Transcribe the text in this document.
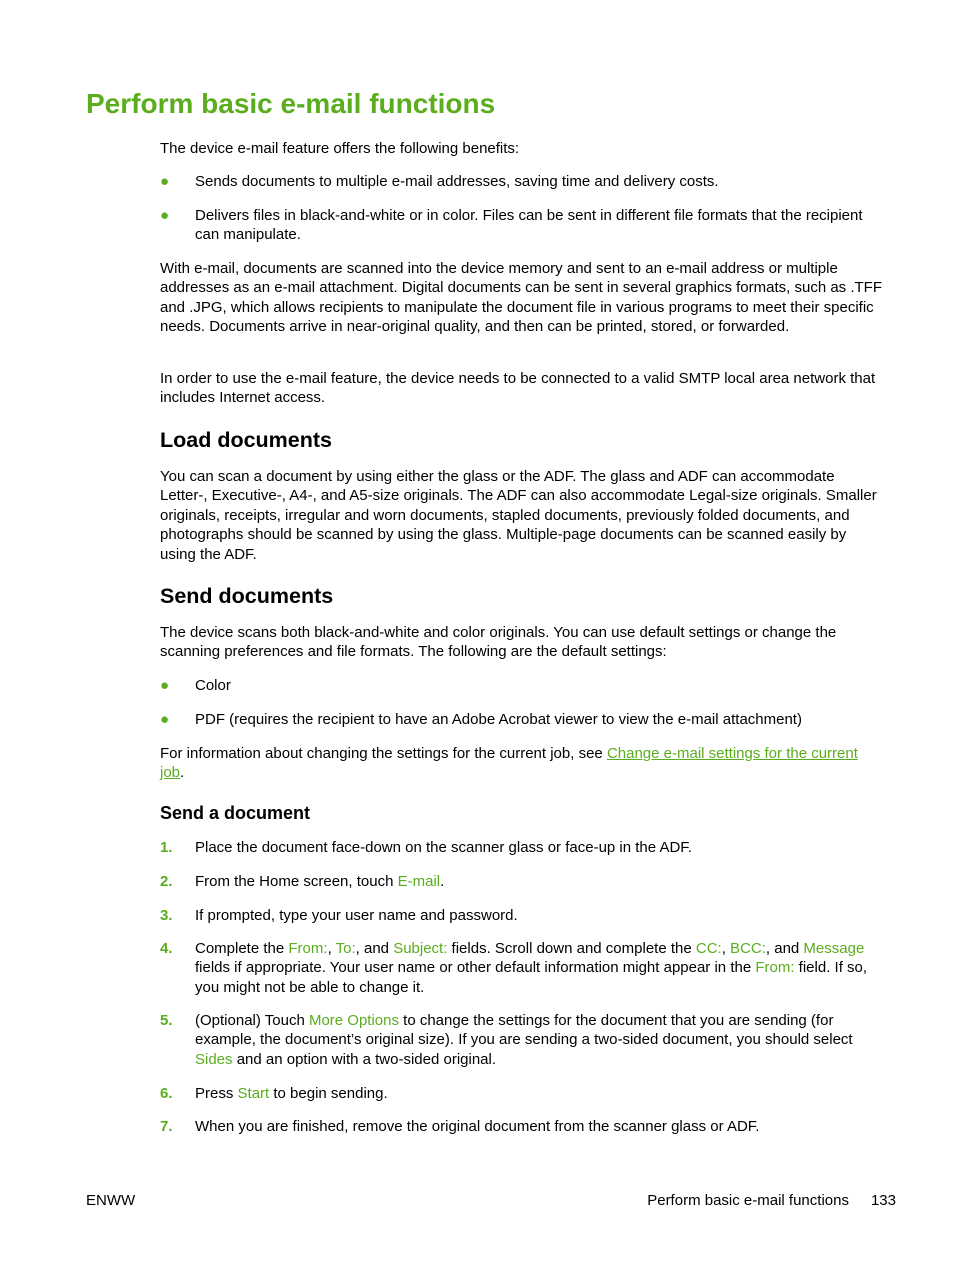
Perform basic e-mail functions

The device e-mail feature offers the following benefits:

● Sends documents to multiple e-mail addresses, saving time and delivery costs.
● Delivers files in black-and-white or in color. Files can be sent in different file formats that the recipient can manipulate.

With e-mail, documents are scanned into the device memory and sent to an e-mail address or multiple addresses as an e-mail attachment. Digital documents can be sent in several graphics formats, such as .TFF and .JPG, which allows recipients to manipulate the document file in various programs to meet their specific needs. Documents arrive in near-original quality, and then can be printed, stored, or forwarded.

In order to use the e-mail feature, the device needs to be connected to a valid SMTP local area network that includes Internet access.

Load documents

You can scan a document by using either the glass or the ADF. The glass and ADF can accommodate Letter-, Executive-, A4-, and A5-size originals. The ADF can also accommodate Legal-size originals. Smaller originals, receipts, irregular and worn documents, stapled documents, previously folded documents, and photographs should be scanned by using the glass. Multiple-page documents can be scanned easily by using the ADF.

Send documents

The device scans both black-and-white and color originals. You can use default settings or change the scanning preferences and file formats. The following are the default settings:

● Color
● PDF (requires the recipient to have an Adobe Acrobat viewer to view the e-mail attachment)

For information about changing the settings for the current job, see Change e-mail settings for the current job.

Send a document
1. Place the document face-down on the scanner glass or face-up in the ADF.
2. From the Home screen, touch E-mail.
3. If prompted, type your user name and password.
4. Complete the From:, To:, and Subject: fields. Scroll down and complete the CC:, BCC:, and Message fields if appropriate. Your user name or other default information might appear in the From: field. If so, you might not be able to change it.
5. (Optional) Touch More Options to change the settings for the document that you are sending (for example, the document’s original size). If you are sending a two-sided document, you should select Sides and an option with a two-sided original.
6. Press Start to begin sending.
7. When you are finished, remove the original document from the scanner glass or ADF.
ENWW	Perform basic e-mail functions 133
